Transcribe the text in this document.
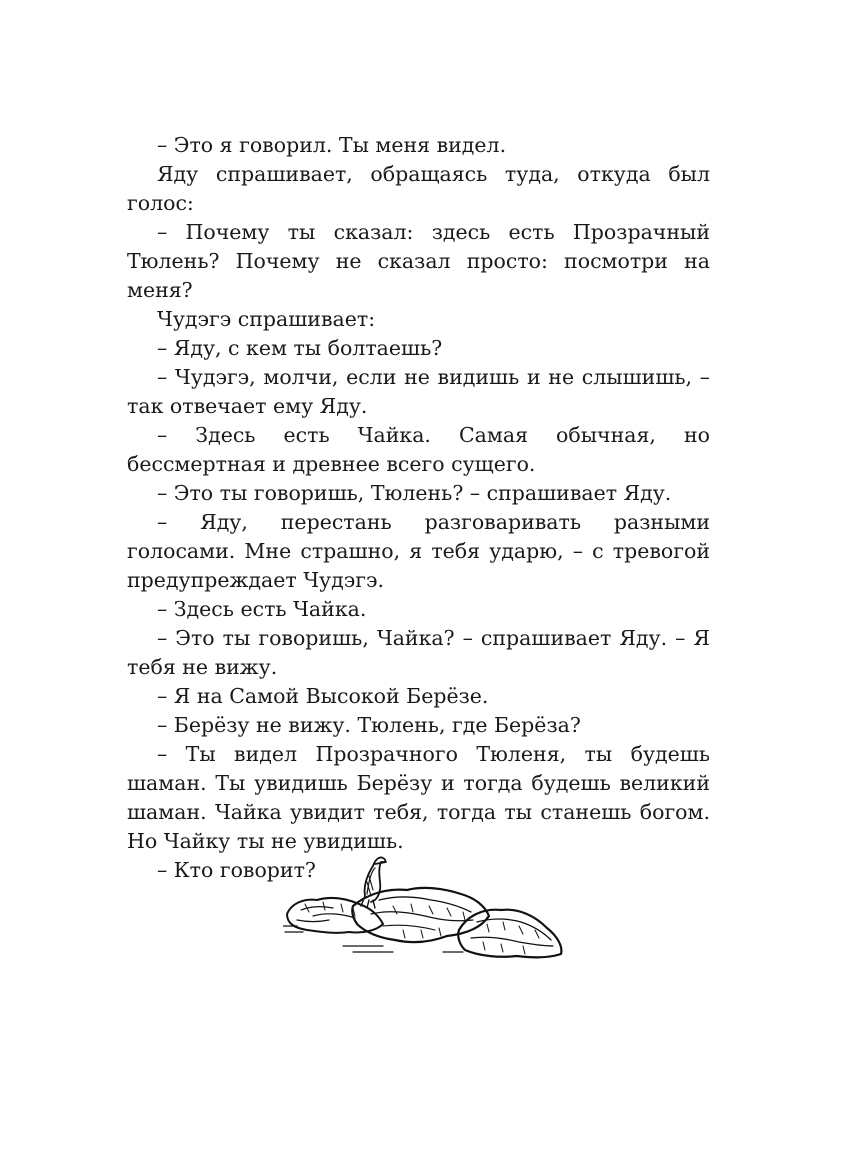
– Это я говорил. Ты меня видел.

Яду спрашивает, обращаясь туда, откуда был голос:

– Почему ты сказал: здесь есть Прозрачный Тюлень? Почему не сказал просто: посмотри на меня?

Чудэгэ спрашивает:

– Яду, с кем ты болтаешь?

– Чудэгэ, молчи, если не видишь и не слышишь, – так отвечает ему Яду.

– Здесь есть Чайка. Самая обычная, но бессмертная и древнее всего сущего.

– Это ты говоришь, Тюлень? – спрашивает Яду.

– Яду, перестань разговаривать разными голосами. Мне страшно, я тебя ударю, – с тревогой предупреждает Чудэгэ.

– Здесь есть Чайка.

– Это ты говоришь, Чайка? – спрашивает Яду. – Я тебя не вижу.

– Я на Самой Высокой Берёзе.

– Берёзу не вижу. Тюлень, где Берёза?

– Ты видел Прозрачного Тюленя, ты будешь шаман. Ты увидишь Берёзу и тогда будешь великий шаман. Чайка увидит тебя, тогда ты станешь богом. Но Чайку ты не увидишь.

– Кто говорит?
